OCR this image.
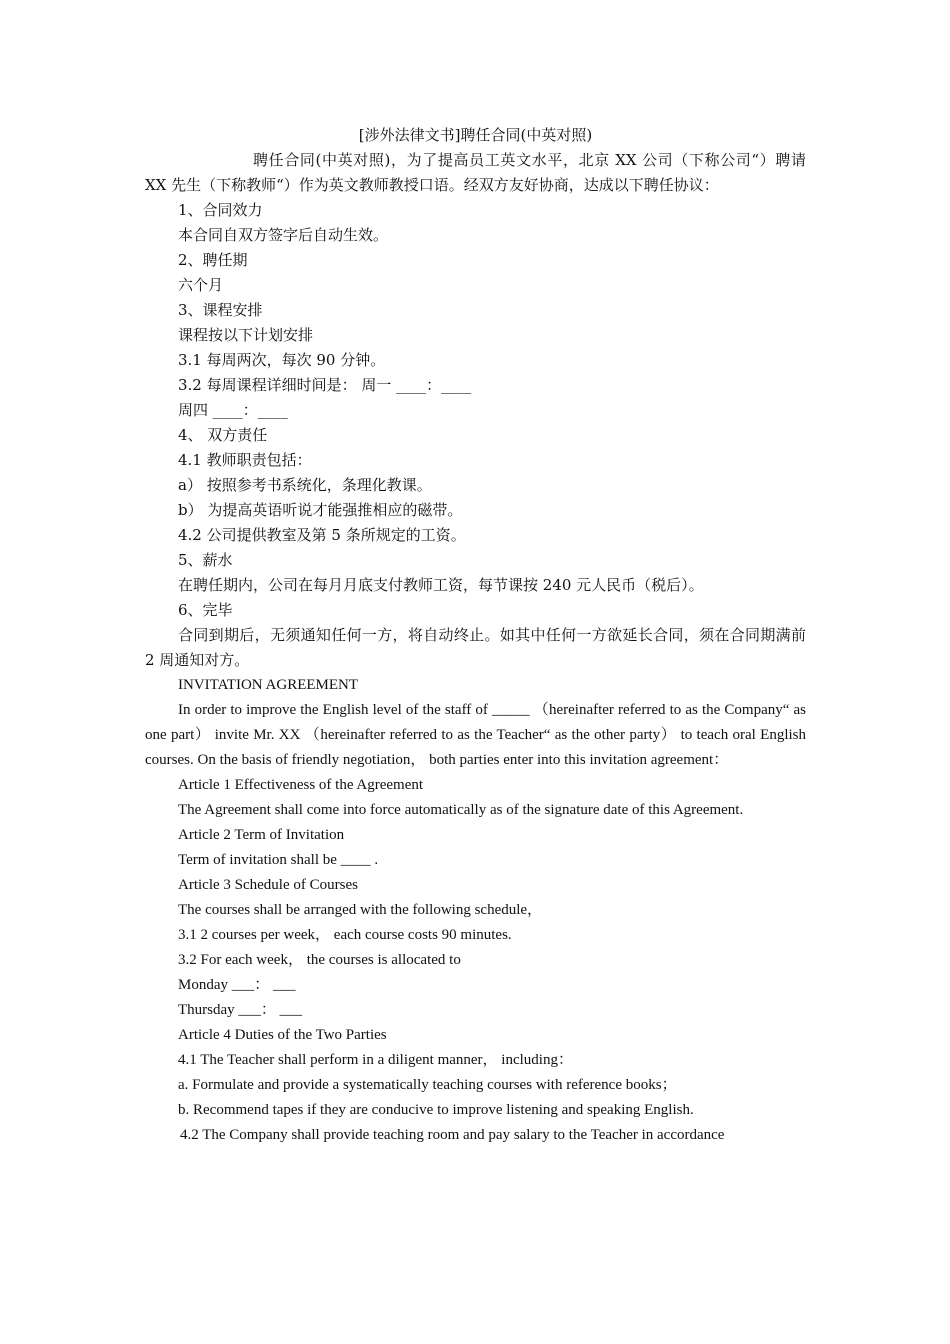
[涉外法律文书]聘任合同(中英对照)

聘任合同(中英对照)，为了提高员工英文水平，北京 XX 公司（下称公司“）聘请 XX 先生（下称教师“）作为英文教师教授口语。经双方友好协商，达成以下聘任协议：

1、合同效力

本合同自双方签字后自动生效。

2、聘任期

六个月

3、课程安排

课程按以下计划安排

3.1 每周两次，每次 90 分钟。

3.2 每周课程详细时间是： 周一 ____：____

周四 ____：____

4、 双方责任

4.1 教师职责包括：

a） 按照参考书系统化，条理化教课。

b） 为提高英语听说才能强推相应的磁带。

4.2 公司提供教室及第 5 条所规定的工资。

5、薪水

在聘任期内，公司在每月月底支付教师工资，每节课按 240 元人民币（税后）。

6、完毕

合同到期后，无须通知任何一方，将自动终止。如其中任何一方欲延长合同，须在合同期满前 2 周通知对方。

INVITATION AGREEMENT

In order to improve the English level of the staff of _____ （hereinafter referred to as the Company“ as one part） invite Mr. XX （hereinafter referred to as the Teacher“ as the other party） to teach oral English courses. On the basis of friendly negotiation， both parties enter into this invitation agreement：

Article 1 Effectiveness of the Agreement

The Agreement shall come into force automatically as of the signature date of this Agreement.

Article 2 Term of Invitation

Term of invitation shall be ____ .

Article 3 Schedule of Courses

The courses shall be arranged with the following schedule，

3.1 2 courses per week， each course costs 90 minutes.

3.2 For each week， the courses is allocated to

Monday ___： ___

Thursday ___： ___

Article 4 Duties of the Two Parties

4.1 The Teacher shall perform in a diligent manner， including：

a. Formulate and provide a systematically teaching courses with reference books；

b. Recommend tapes if they are conducive to improve listening and speaking English.

4.2 The Company shall provide teaching room and pay salary to the Teacher in accordance
